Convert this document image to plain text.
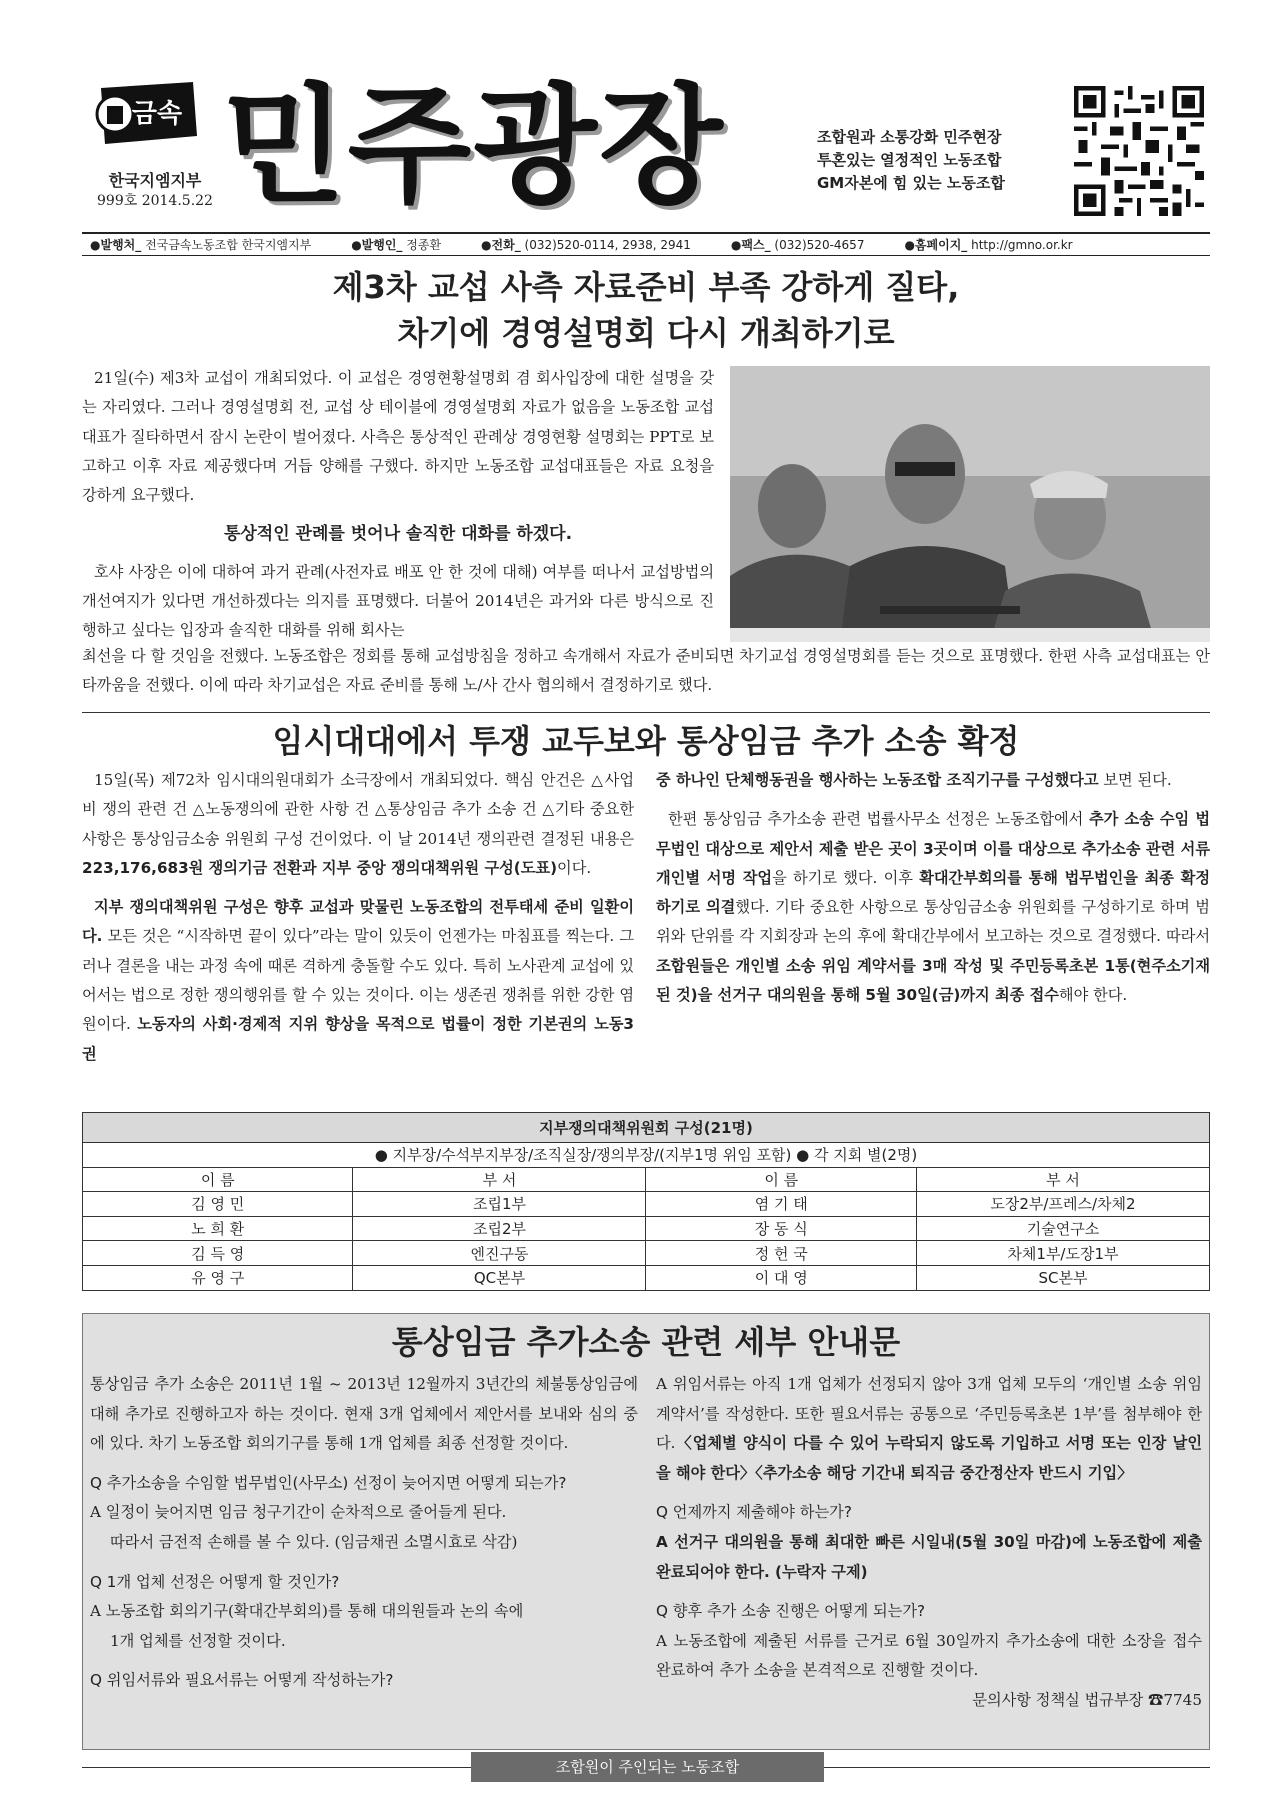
금속
한국지엠지부
999호 2014.5.22 민주광장	조합원과 소통강화 민주현장
투혼있는 열정적인 노동조합
GM자본에 힘 있는 노동조합
●발행처_ 전국금속노동조합 한국지엠지부	●발행인_ 정종환	●전화_ (032)520-0114, 2938, 2941	●팩스_ (032)520-4657	●홈페이지_ http://gmno.or.kr
제3차 교섭 사측 자료준비 부족 강하게 질타,
차기에 경영설명회 다시 개최하기로

21일(수) 제3차 교섭이 개최되었다. 이 교섭은 경영현황설명회 겸 회사입장에 대한 설명을 갖는 자리였다. 그러나 경영설명회 전, 교섭 상 테이블에 경영설명회 자료가 없음을 노동조합 교섭대표가 질타하면서 잠시 논란이 벌어졌다. 사측은 통상적인 관례상 경영현황 설명회는 PPT로 보고하고 이후 자료 제공했다며 거듭 양해를 구했다. 하지만 노동조합 교섭대표들은 자료 요청을 강하게 요구했다.

통상적인 관례를 벗어나 솔직한 대화를 하겠다.

호샤 사장은 이에 대하여 과거 관례(사전자료 배포 안 한 것에 대해) 여부를 떠나서 교섭방법의 개선여지가 있다면 개선하겠다는 의지를 표명했다. 더불어 2014년은 과거와 다른 방식으로 진행하고 싶다는 입장과 솔직한 대화를 위해 회사는

최선을 다 할 것임을 전했다. 노동조합은 정회를 통해 교섭방침을 정하고 속개해서 자료가 준비되면 차기교섭 경영설명회를 듣는 것으로 표명했다. 한편 사측 교섭대표는 안타까움을 전했다. 이에 따라 차기교섭은 자료 준비를 통해 노/사 간사 협의해서 결정하기로 했다.
임시대대에서 투쟁 교두보와 통상임금 추가 소송 확정

15일(목) 제72차 임시대의원대회가 소극장에서 개최되었다. 핵심 안건은 △사업비 쟁의 관련 건 △노동쟁의에 관한 사항 건 △통상임금 추가 소송 건 △기타 중요한 사항은 통상임금소송 위원회 구성 건이었다. 이 날 2014년 쟁의관련 결정된 내용은 223,176,683원 쟁의기금 전환과 지부 중앙 쟁의대책위원 구성(도표)이다.

지부 쟁의대책위원 구성은 향후 교섭과 맞물린 노동조합의 전투태세 준비 일환이다. 모든 것은 “시작하면 끝이 있다”라는 말이 있듯이 언젠가는 마침표를 찍는다. 그러나 결론을 내는 과정 속에 때론 격하게 충돌할 수도 있다. 특히 노사관계 교섭에 있어서는 법으로 정한 쟁의행위를 할 수 있는 것이다. 이는 생존권 쟁취를 위한 강한 염원이다. 노동자의 사회·경제적 지위 향상을 목적으로 법률이 정한 기본권의 노동3권

중 하나인 단체행동권을 행사하는 노동조합 조직기구를 구성했다고 보면 된다.

한편 통상임금 추가소송 관련 법률사무소 선정은 노동조합에서 추가 소송 수임 법무법인 대상으로 제안서 제출 받은 곳이 3곳이며 이를 대상으로 추가소송 관련 서류 개인별 서명 작업을 하기로 했다. 이후 확대간부회의를 통해 법무법인을 최종 확정하기로 의결했다. 기타 중요한 사항으로 통상임금소송 위원회를 구성하기로 하며 범위와 단위를 각 지회장과 논의 후에 확대간부에서 보고하는 것으로 결정했다. 따라서 조합원들은 개인별 소송 위임 계약서를 3매 작성 및 주민등록초본 1통(현주소기재된 것)을 선거구 대의원을 통해 5월 30일(금)까지 최종 접수해야 한다.

지부쟁의대책위원회 구성(21명)			
● 지부장/수석부지부장/조직실장/쟁의부장/(지부1명 위임 포함) ● 각 지회 별(2명)			
이 름	부 서	이 름	부 서
김 영 민	조립1부	염 기 태	도장2부/프레스/차체2
노 희 환	조립2부	장 동 식	기술연구소
김 득 영	엔진구동	정 헌 국	차체1부/도장1부
유 영 구	QC본부	이 대 영	SC본부
통상임금 추가소송 관련 세부 안내문
통상임금 추가 소송은 2011년 1월 ~ 2013년 12월까지 3년간의 체불통상임금에 대해 추가로 진행하고자 하는 것이다. 현재 3개 업체에서 제안서를 보내와 심의 중에 있다. 차기 노동조합 회의기구를 통해 1개 업체를 최종 선정할 것이다.
Q 추가소송을 수임할 법무법인(사무소) 선정이 늦어지면 어떻게 되는가?
A 일정이 늦어지면 임금 청구기간이 순차적으로 줄어들게 된다.
따라서 금전적 손해를 볼 수 있다. (임금채권 소멸시효로 삭감)
Q 1개 업체 선정은 어떻게 할 것인가?
A 노동조합 회의기구(확대간부회의)를 통해 대의원들과 논의 속에
1개 업체를 선정할 것이다.
Q 위임서류와 필요서류는 어떻게 작성하는가?
A 위임서류는 아직 1개 업체가 선정되지 않아 3개 업체 모두의 ‘개인별 소송 위임 계약서’를 작성한다. 또한 필요서류는 공통으로 ‘주민등록초본 1부’를 첨부해야 한다.〈업체별 양식이 다를 수 있어 누락되지 않도록 기입하고 서명 또는 인장 날인을 해야 한다〉〈추가소송 해당 기간내 퇴직금 중간정산자 반드시 기입〉
Q 언제까지 제출해야 하는가?
A 선거구 대의원을 통해 최대한 빠른 시일내(5월 30일 마감)에 노동조합에 제출 완료되어야 한다. (누락자 구제)
Q 향후 추가 소송 진행은 어떻게 되는가?
A 노동조합에 제출된 서류를 근거로 6월 30일까지 추가소송에 대한 소장을 접수 완료하여 추가 소송을 본격적으로 진행할 것이다.
문의사항 정책실 법규부장 ☎7745
조합원이 주인되는 노동조합
